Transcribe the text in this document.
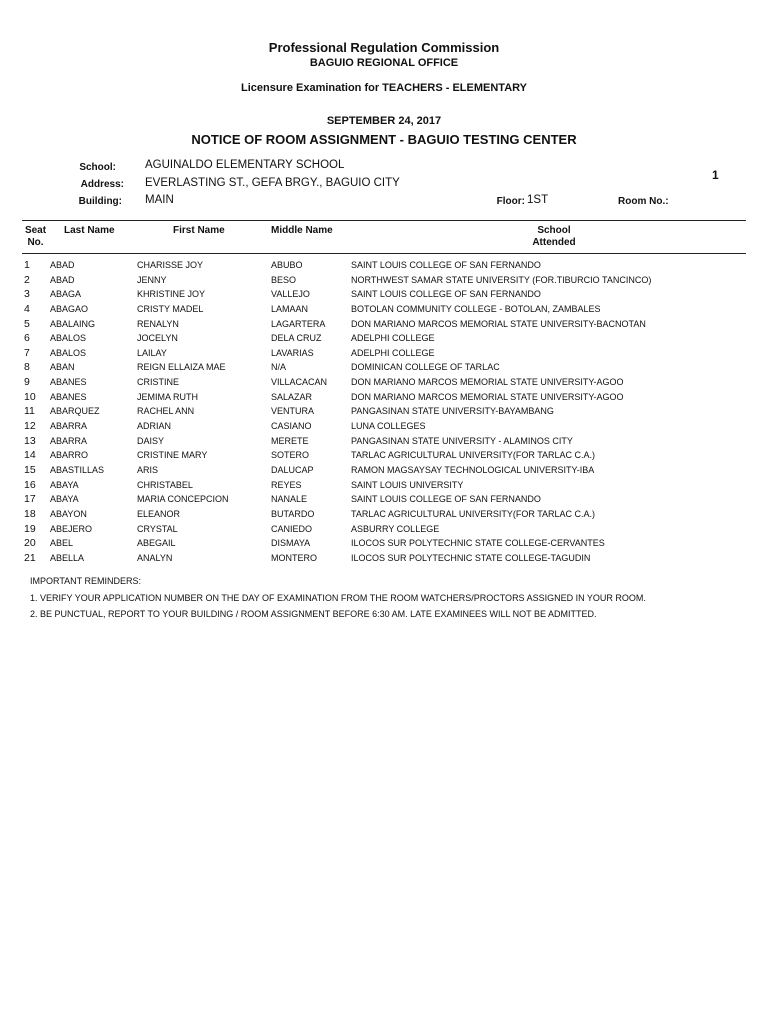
Professional Regulation Commission
BAGUIO REGIONAL OFFICE
Licensure Examination for TEACHERS - ELEMENTARY
SEPTEMBER 24, 2017
NOTICE OF ROOM ASSIGNMENT - BAGUIO TESTING CENTER
School:	AGUINALDO ELEMENTARY SCHOOL
Address: EVERLASTING ST., GEFA BRGY., BAGUIO CITY
Building: MAIN	Floor: 1ST	Room No.:
1
Seat
No.
Last Name	First Name	Middle Name	School
Attended
1 ABAD	CHARISSE JOY	ABUBO	SAINT LOUIS COLLEGE OF SAN FERNANDO
2 ABAD	JENNY	BESO	NORTHWEST SAMAR STATE UNIVERSITY (FOR.TIBURCIO TANCINCO)
3 ABAGA	KHRISTINE JOY	VALLEJO	SAINT LOUIS COLLEGE OF SAN FERNANDO
4 ABAGAO	CRISTY MADEL	LAMAAN	BOTOLAN COMMUNITY COLLEGE - BOTOLAN, ZAMBALES
5 ABALAING	RENALYN	LAGARTERA	DON MARIANO MARCOS MEMORIAL STATE UNIVERSITY-BACNOTAN
6 ABALOS	JOCELYN	DELA CRUZ	ADELPHI COLLEGE
7 ABALOS	LAILAY	LAVARIAS	ADELPHI COLLEGE
8 ABAN	REIGN ELLAIZA MAE	N/A	DOMINICAN COLLEGE OF TARLAC
9 ABANES	CRISTINE	VILLACACAN	DON MARIANO MARCOS MEMORIAL STATE UNIVERSITY-AGOO
10 ABANES	JEMIMA RUTH	SALAZAR	DON MARIANO MARCOS MEMORIAL STATE UNIVERSITY-AGOO
11 ABARQUEZ	RACHEL ANN	VENTURA	PANGASINAN STATE UNIVERSITY-BAYAMBANG
12 ABARRA	ADRIAN	CASIANO	LUNA COLLEGES
13 ABARRA	DAISY	MERETE	PANGASINAN STATE UNIVERSITY - ALAMINOS CITY
14 ABARRO	CRISTINE MARY	SOTERO	TARLAC AGRICULTURAL UNIVERSITY(FOR TARLAC C.A.)
15 ABASTILLAS	ARIS	DALUCAP	RAMON MAGSAYSAY TECHNOLOGICAL UNIVERSITY-IBA
16 ABAYA	CHRISTABEL	REYES	SAINT LOUIS UNIVERSITY
17 ABAYA	MARIA CONCEPCION	NANALE	SAINT LOUIS COLLEGE OF SAN FERNANDO
18 ABAYON	ELEANOR	BUTARDO	TARLAC AGRICULTURAL UNIVERSITY(FOR TARLAC C.A.)
19 ABEJERO	CRYSTAL	CANIEDO	ASBURRY COLLEGE
20 ABEL	ABEGAIL	DISMAYA	ILOCOS SUR POLYTECHNIC STATE COLLEGE-CERVANTES
21 ABELLA	ANALYN	MONTERO	ILOCOS SUR POLYTECHNIC STATE COLLEGE-TAGUDIN
IMPORTANT REMINDERS:
1. VERIFY YOUR APPLICATION NUMBER ON THE DAY OF EXAMINATION FROM THE ROOM WATCHERS/PROCTORS ASSIGNED IN YOUR ROOM.
2. BE PUNCTUAL, REPORT TO YOUR BUILDING / ROOM ASSIGNMENT BEFORE 6:30 AM. LATE EXAMINEES WILL NOT BE ADMITTED.
